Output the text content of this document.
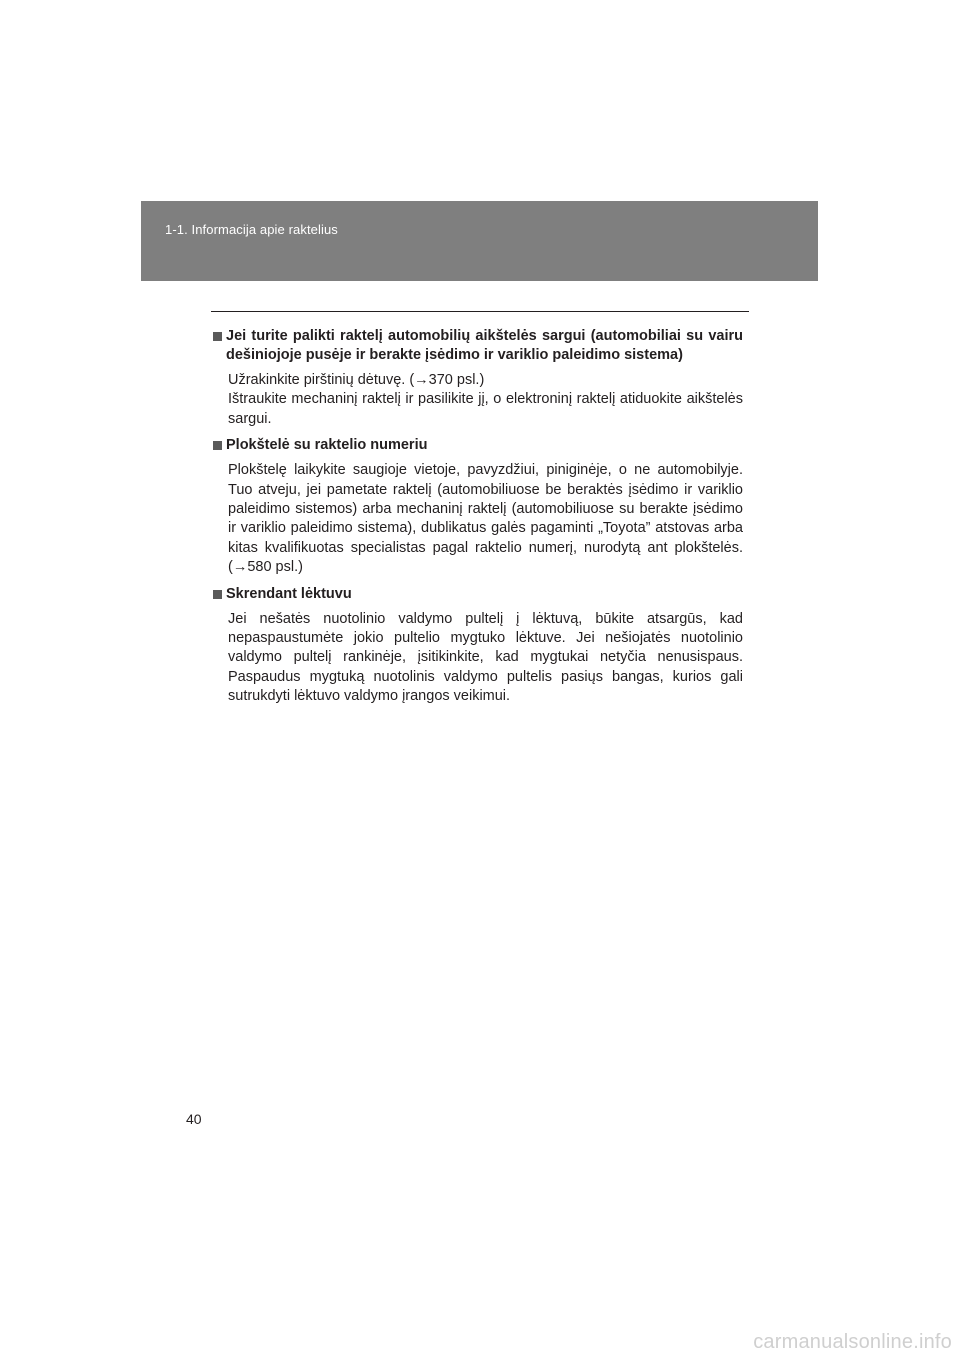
1-1. Informacija apie raktelius
Jei turite palikti raktelį automobilių aikštelės sargui (automobiliai su vairu dešiniojoje pusėje ir berakte įsėdimo ir variklio paleidimo sistema)

Užrakinkite pirštinių dėtuvę. (→370 psl.)

Ištraukite mechaninį raktelį ir pasilikite jį, o elektroninį raktelį atiduokite aikštelės sargui.

Plokštelė su raktelio numeriu

Plokštelę laikykite saugioje vietoje, pavyzdžiui, piniginėje, o ne automobilyje. Tuo atveju, jei pametate raktelį (automobiliuose be beraktės įsėdimo ir variklio paleidimo sistemos) arba mechaninį raktelį (automobiliuose su berakte įsėdimo ir variklio paleidimo sistema), dublikatus galės pagaminti „Toyota” atstovas arba kitas kvalifikuotas specialistas pagal raktelio numerį, nurodytą ant plokštelės. (→580 psl.)

Skrendant lėktuvu

Jei nešatės nuotolinio valdymo pultelį į lėktuvą, būkite atsargūs, kad nepaspaustumėte jokio pultelio mygtuko lėktuve. Jei nešiojatės nuotolinio valdymo pultelį rankinėje, įsitikinkite, kad mygtukai netyčia nenusispaus. Paspaudus mygtuką nuotolinis valdymo pultelis pasiųs bangas, kurios gali sutrukdyti lėktuvo valdymo įrangos veikimui.

40
carmanualsonline.info
